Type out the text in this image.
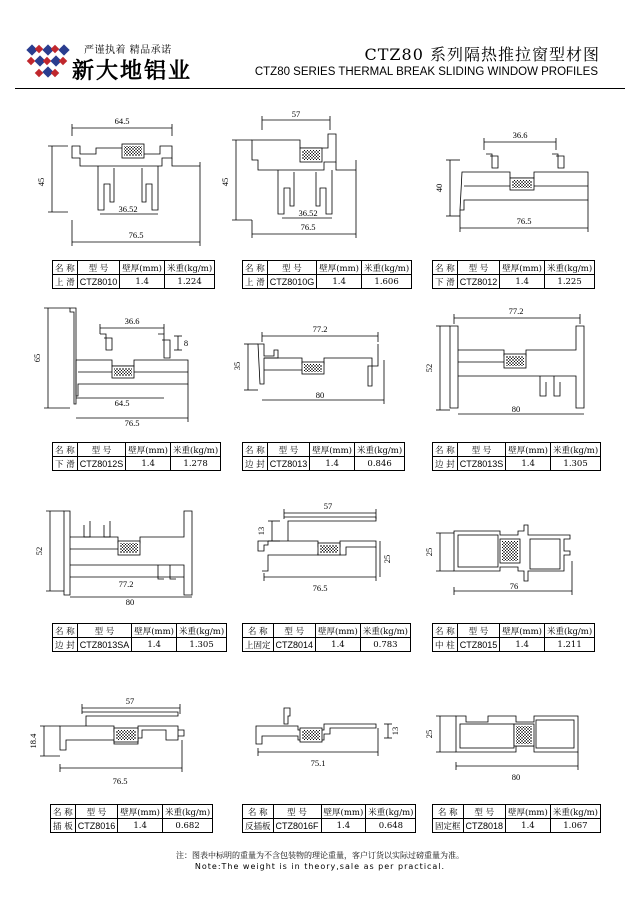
严谨执着 精品承诺
新大地铝业
CTZ80 系列隔热推拉窗型材图
CTZ80 SERIES THERMAL BREAK SLIDING WINDOW PROFILES
64.5
45
36.52
76.5
名 称	型 号	壁厚(mm)	米重(kg/m)
上 滑	CTZ8010	1.4	1.224
57
45
36.52
76.5
名 称	型 号	壁厚(mm)	米重(kg/m)
上 滑	CTZ8010G	1.4	1.606
36.6
40
76.5
名 称	型 号	壁厚(mm)	米重(kg/m)
下 滑	CTZ8012	1.4	1.225
36.6
8
65
64.5
76.5
名 称	型 号	壁厚(mm)	米重(kg/m)
下 滑	CTZ8012S	1.4	1.278
77.2
35
80
名 称	型 号	壁厚(mm)	米重(kg/m)
边 封	CTZ8013	1.4	0.846
77.2
52
80
名 称	型 号	壁厚(mm)	米重(kg/m)
边 封	CTZ8013S	1.4	1.305
52
77.2
80
名 称	型 号	壁厚(mm)	米重(kg/m)
边 封	CTZ8013SA	1.4	1.305
57
13
25
76.5
名 称	型 号	壁厚(mm)	米重(kg/m)
上固定	CTZ8014	1.4	0.783
25
76
名 称	型 号	壁厚(mm)	米重(kg/m)
中 柱	CTZ8015	1.4	1.211
57
18.4
76.5
名 称	型 号	壁厚(mm)	米重(kg/m)
插 板	CTZ8016	1.4	0.682
13
75.1
名 称	型 号	壁厚(mm)	米重(kg/m)
反插板	CTZ8016F	1.4	0.648
25
80
名 称	型 号	壁厚(mm)	米重(kg/m)
固定框	CTZ8018	1.4	1.067
注：图表中标明的重量为不含包装物的理论重量，客户订货以实际过磅重量为准。
Note:The weight is in theory,sale as per practical.
